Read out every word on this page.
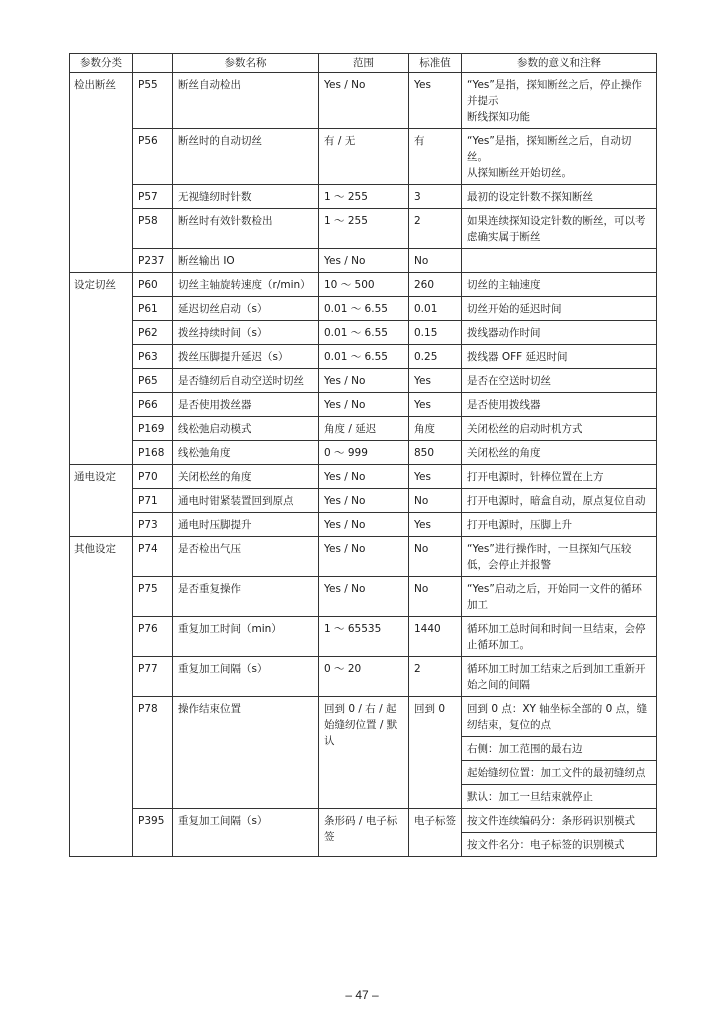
参数分类		参数名称	范围	标准值	参数的意义和注释
检出断丝	P55	断丝自动检出	Yes / No	Yes	“Yes”是指，探知断丝之后，停止操作并提示
断线探知功能
	P56	断丝时的自动切丝	有 / 无	有	“Yes”是指，探知断丝之后，自动切丝。
从探知断丝开始切丝。
	P57	无视缝纫时针数	1 ～ 255	3	最初的设定针数不探知断丝
	P58	断丝时有效针数检出	1 ～ 255	2	如果连续探知设定针数的断丝，可以考虑确实属于断丝
	P237	断丝输出 IO	Yes / No	No	
设定切丝	P60	切丝主轴旋转速度（r/min）	10 ～ 500	260	切丝的主轴速度
	P61	延迟切丝启动（s）	0.01 ～ 6.55	0.01	切丝开始的延迟时间
	P62	拨丝持续时间（s）	0.01 ～ 6.55	0.15	拨线器动作时间
	P63	拨丝压脚提升延迟（s）	0.01 ～ 6.55	0.25	拨线器 OFF 延迟时间
	P65	是否缝纫后自动空送时切丝	Yes / No	Yes	是否在空送时切丝
	P66	是否使用拨丝器	Yes / No	Yes	是否使用拨线器
	P169	线松弛启动模式	角度 / 延迟	角度	关闭松丝的启动时机方式
	P168	线松弛角度	0 ～ 999	850	关闭松丝的角度
通电设定	P70	关闭松丝的角度	Yes / No	Yes	打开电源时，针棒位置在上方
	P71	通电时钳紧装置回到原点	Yes / No	No	打开电源时，暗盒自动，原点复位自动
	P73	通电时压脚提升	Yes / No	Yes	打开电源时，压脚上升
其他设定	P74	是否检出气压	Yes / No	No	“Yes”进行操作时，一旦探知气压较低，会停止并报警
	P75	是否重复操作	Yes / No	No	“Yes”启动之后，开始同一文件的循环加工
	P76	重复加工时间（min）	1 ～ 65535	1440	循环加工总时间和时间一旦结束，会停止循环加工。
	P77	重复加工间隔（s）	0 ～ 20	2	循环加工时加工结束之后到加工重新开始之间的间隔
	P78	操作结束位置	回到 0 / 右 / 起始缝纫位置 / 默认	回到 0	回到 0 点：XY 轴坐标全部的 0 点，缝纫结束，复位的点
					右侧：加工范围的最右边
					起始缝纫位置：加工文件的最初缝纫点
					默认：加工一旦结束就停止
	P395	重复加工间隔（s）	条形码 / 电子标签	电子标签	按文件连续编码分：条形码识别模式
					按文件名分：电子标签的识别模式
– 47 –
